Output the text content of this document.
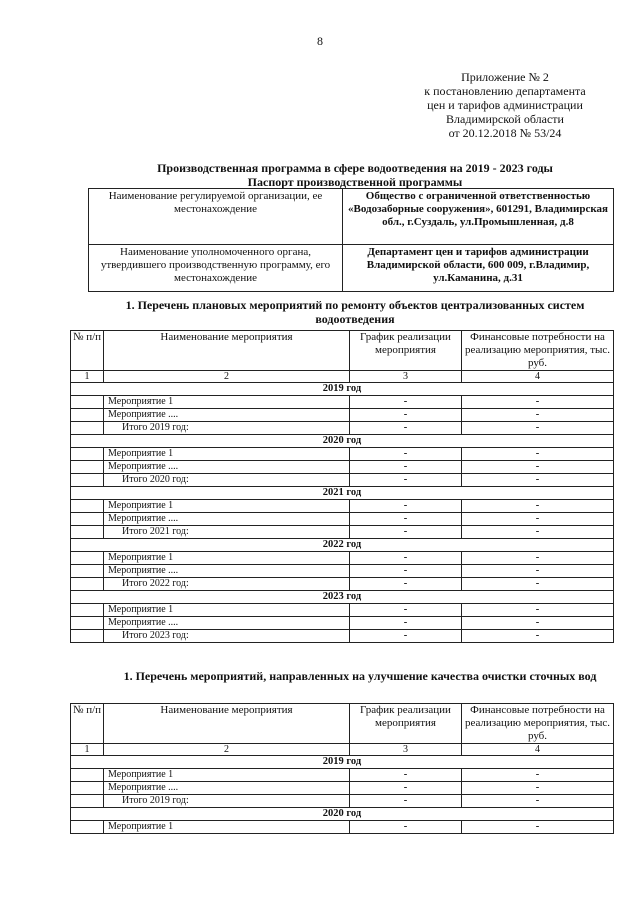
8
Приложение № 2
к постановлению департамента
цен и тарифов администрации
Владимирской области
от 20.12.2018 № 53/24
Производственная программа в сфере водоотведения на 2019 - 2023 годы
Паспорт производственной программы
Наименование регулируемой организации, ее местонахождение	Общество с ограниченной ответственностью «Водозаборные сооружения», 601291, Владимирская обл., г.Суздаль, ул.Промышленная, д.8
Наименование уполномоченного органа, утвердившего производственную программу, его местонахождение	Департамент цен и тарифов администрации Владимирской области, 600 009, г.Владимир, ул.Каманина, д.31
1. Перечень плановых мероприятий по ремонту объектов централизованных систем водоотведения
№ п/п	Наименование мероприятия	График реализации мероприятия	Финансовые потребности на реализацию мероприятия, тыс. руб.
1	2	3	4
2019 год			
	Мероприятие 1	-	-
	Мероприятие ....	-	-
	Итого 2019 год:	-	-
2020 год			
	Мероприятие 1	-	-
	Мероприятие ....	-	-
	Итого 2020 год:	-	-
2021 год			
	Мероприятие 1	-	-
	Мероприятие ....	-	-
	Итого 2021 год:	-	-
2022 год			
	Мероприятие 1	-	-
	Мероприятие ....	-	-
	Итого 2022 год:	-	-
2023 год			
	Мероприятие 1	-	-
	Мероприятие ....	-	-
	Итого 2023 год:	-	-
1. Перечень мероприятий, направленных на улучшение качества очистки сточных вод
№ п/п	Наименование мероприятия	График реализации мероприятия	Финансовые потребности на реализацию мероприятия, тыс. руб.
1	2	3	4
2019 год			
	Мероприятие 1	-	-
	Мероприятие ....	-	-
	Итого 2019 год:	-	-
2020 год			
	Мероприятие 1	-	-
